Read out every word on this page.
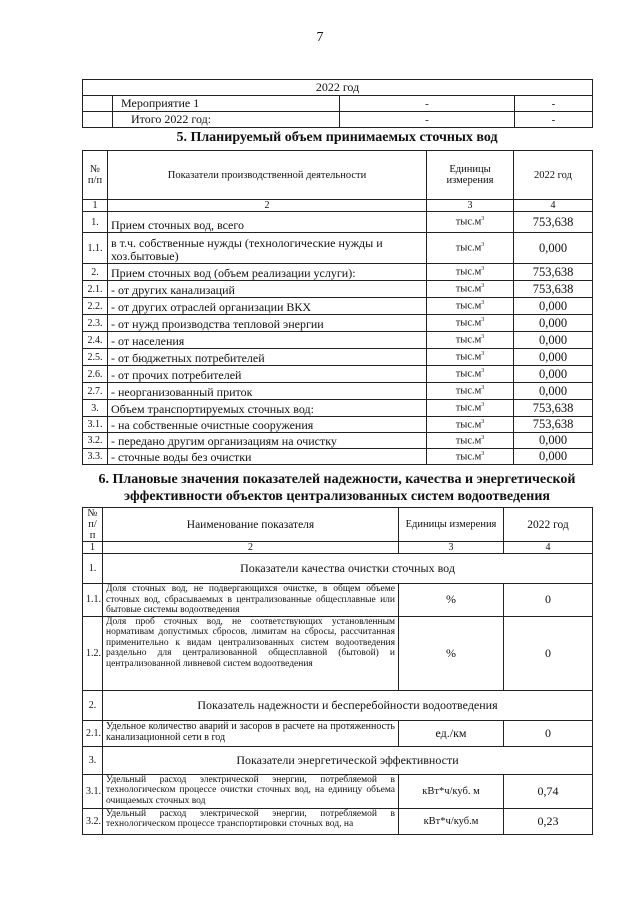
7
2022 год			
	Мероприятие 1	-	-
	Итого 2022 год:	-	-
5. Планируемый объем принимаемых сточных вод
№ п/п	Показатели производственной деятельности	Единицы измерения	2022 год
1	2	3	4
1.	Прием сточных вод, всего	$тыс.м^3$	753,638
1.1.	в т.ч. собственные нужды (технологические нужды и хоз.бытовые)	$тыс.м^3$	0,000
2.	Прием сточных вод (объем реализации услуги):	$тыс.м^3$	753,638
2.1.	- от других канализаций	$тыс.м^3$	753,638
2.2.	- от других отраслей организации ВКХ	$тыс.м^3$	0,000
2.3.	- от нужд производства тепловой энергии	$тыс.м^3$	0,000
2.4.	- от населения	$тыс.м^3$	0,000
2.5.	- от бюджетных потребителей	$тыс.м^3$	0,000
2.6.	- от прочих потребителей	$тыс.м^3$	0,000
2.7.	- неорганизованный приток	$тыс.м^3$	0,000
3.	Объем транспортируемых сточных вод:	$тыс.м^3$	753,638
3.1.	- на собственные очистные сооружения	$тыс.м^3$	753,638
3.2.	- передано другим организациям на очистку	$тыс.м^3$	0,000
3.3.	- сточные воды без очистки	$тыс.м^3$	0,000
6. Плановые значения показателей надежности, качества и энергетической
эффективности объектов централизованных систем водоотведения
№ п/п	Наименование показателя	Единицы измерения	2022 год
1	2	3	4
1.	Показатели качества очистки сточных вод		
1.1.	Доля сточных вод, не подвергающихся очистке, в общем объеме сточных вод, сбрасываемых в централизованные общесплавные или бытовые системы водоотведения	%	0
1.2.	Доля проб сточных вод, не соответствующих установленным нормативам допустимых сбросов, лимитам на сбросы, рассчитанная применительно к видам централизованных систем водоотведения раздельно для централизованной общесплавной (бытовой) и централизованной ливневой систем водоотведения	%	0
2.	Показатель надежности и бесперебойности водоотведения		
2.1.	Удельное количество аварий и засоров в расчете на протяженность канализационной сети в год	ед./км	0
3.	Показатели энергетической эффективности		
3.1.	Удельный расход электрической энергии, потребляемой в технологическом процессе очистки сточных вод, на единицу объема очищаемых сточных вод	кВт*ч/куб. м	0,74
3.2.	Удельный расход электрической энергии, потребляемой в технологическом процессе транспортировки сточных вод, на	кВт*ч/куб.м	0,23
